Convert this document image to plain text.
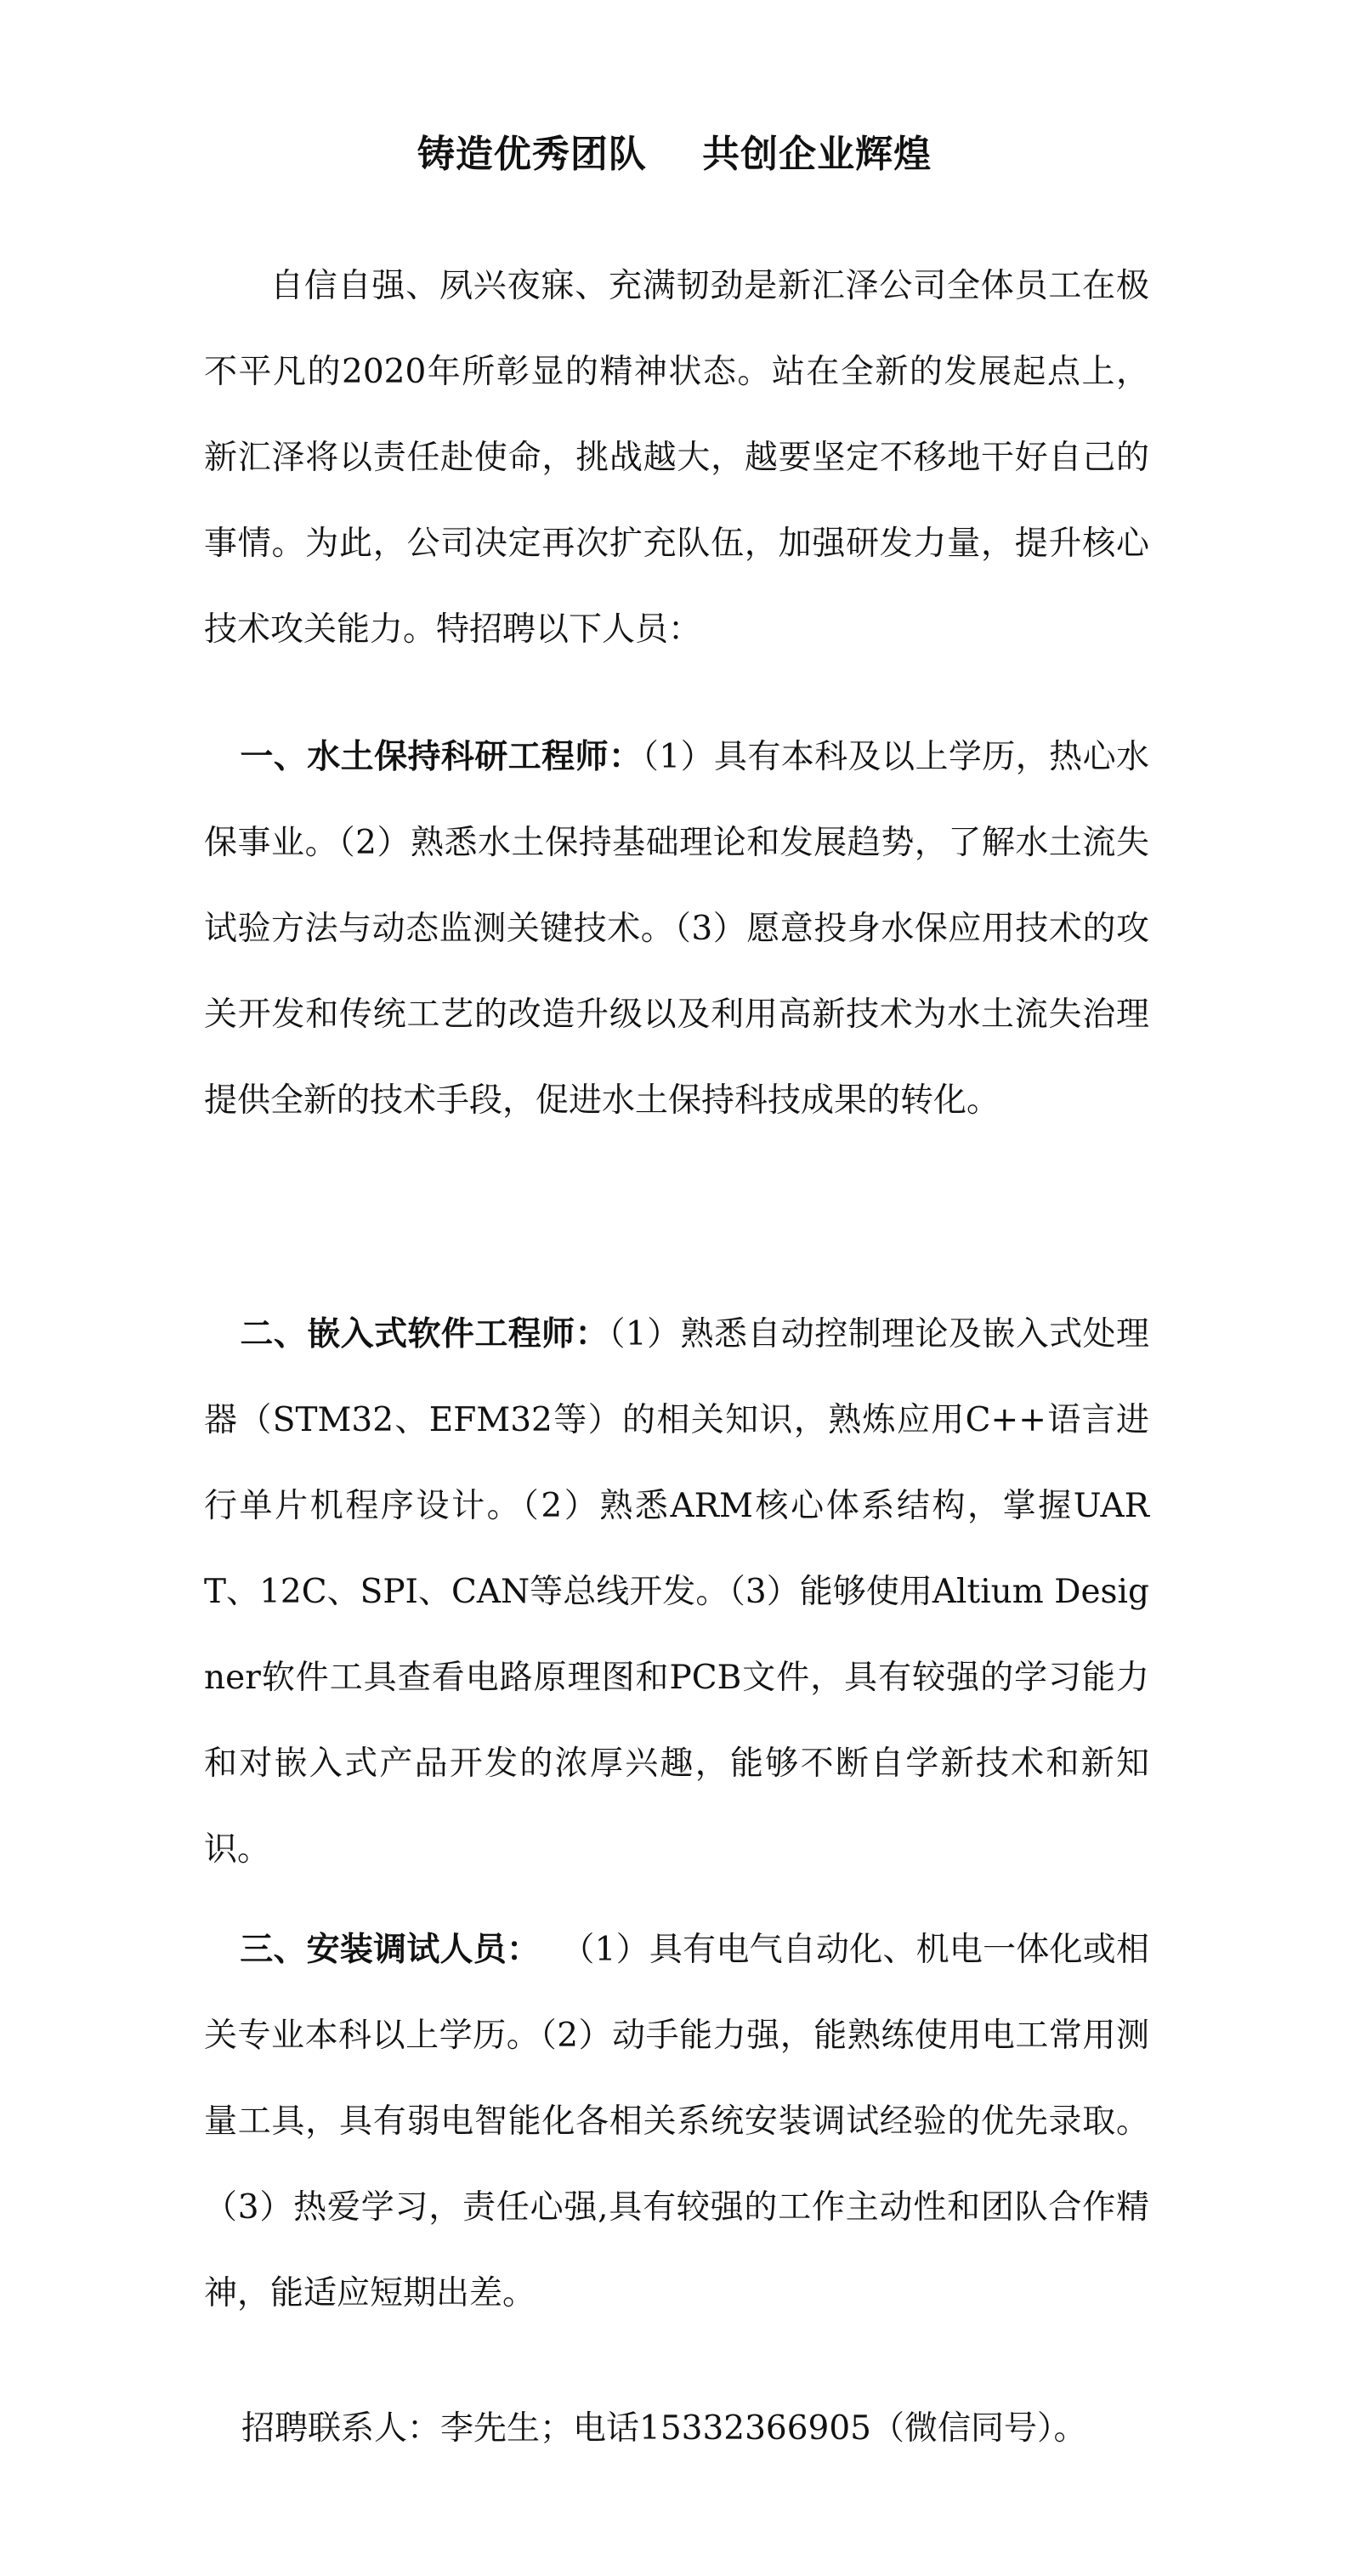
铸造优秀团队    共创企业辉煌

自信自强、夙兴夜寐、充满韧劲是新汇泽公司全体员工在极不平凡的2020年所彰显的精神状态。站在全新的发展起点上，新汇泽将以责任赴使命，挑战越大，越要坚定不移地干好自己的事情。为此，公司决定再次扩充队伍，加强研发力量，提升核心技术攻关能力。特招聘以下人员：

一、水土保持科研工程师：（1）具有本科及以上学历，热心水保事业。（2）熟悉水土保持基础理论和发展趋势，了解水土流失试验方法与动态监测关键技术。（3）愿意投身水保应用技术的攻关开发和传统工艺的改造升级以及利用高新技术为水土流失治理提供全新的技术手段，促进水土保持科技成果的转化。

二、嵌入式软件工程师：（1）熟悉自动控制理论及嵌入式处理器（STM32、EFM32等）的相关知识，熟炼应用C++语言进行单片机程序设计。（2）熟悉ARM核心体系结构，掌握UART、12C、SPI、CAN等总线开发。（3）能够使用Altium Designer软件工具查看电路原理图和PCB文件，具有较强的学习能力和对嵌入式产品开发的浓厚兴趣，能够不断自学新技术和新知识。

三、安装调试人员：  （1）具有电气自动化、机电一体化或相关专业本科以上学历。（2）动手能力强，能熟练使用电工常用测量工具，具有弱电智能化各相关系统安装调试经验的优先录取。（3）热爱学习，责任心强,具有较强的工作主动性和团队合作精神，能适应短期出差。

招聘联系人：李先生；电话15332366905（微信同号）。
